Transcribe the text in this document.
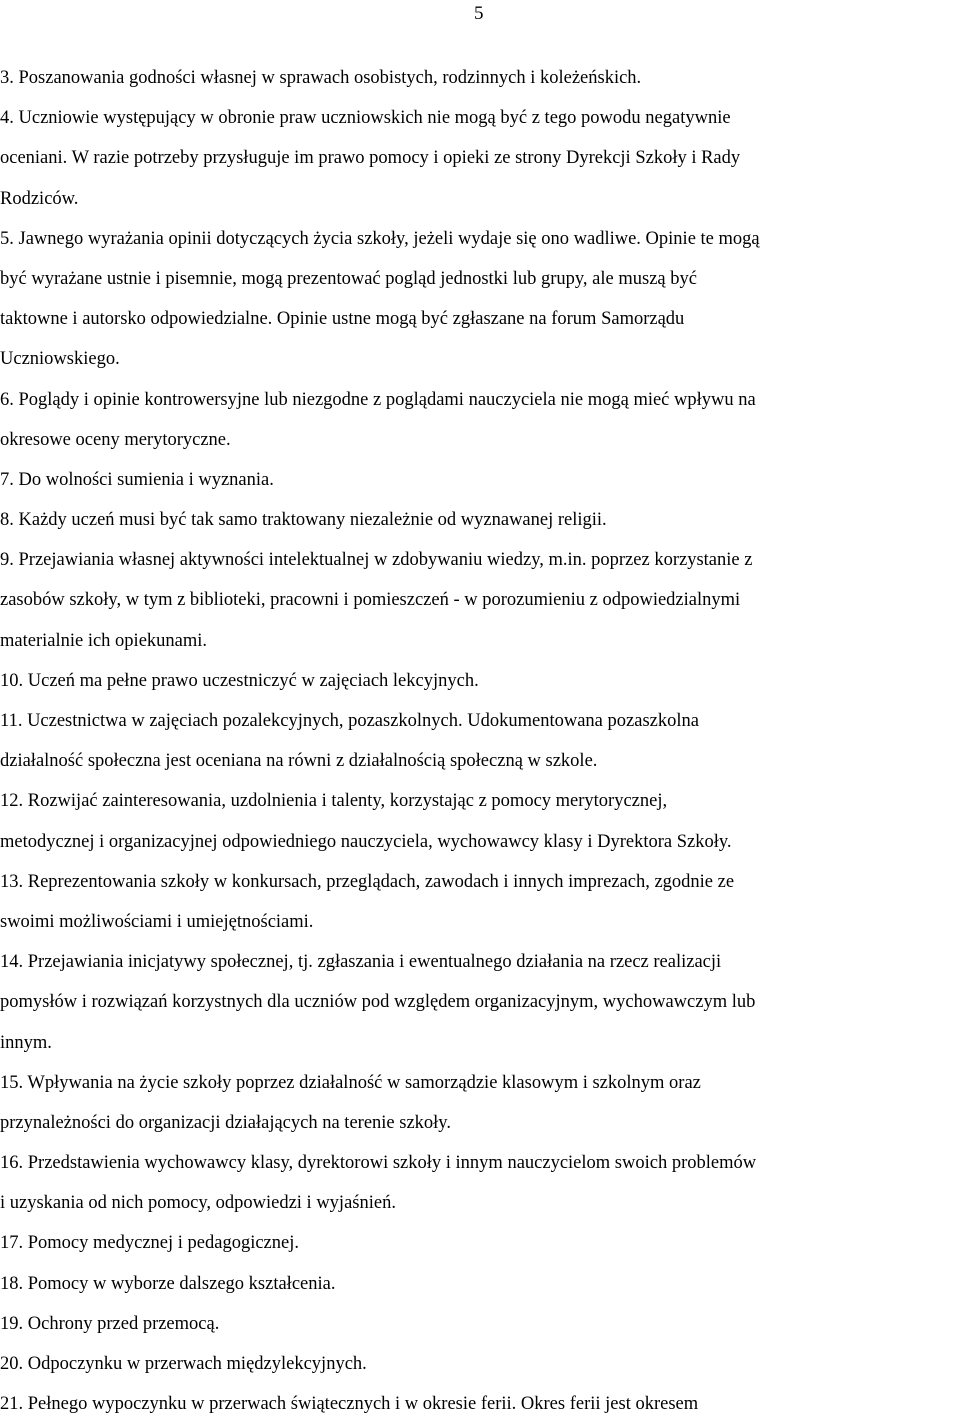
5
3. Poszanowania godności własnej w sprawach osobistych, rodzinnych i koleżeńskich.
4. Uczniowie występujący w obronie praw uczniowskich nie mogą być z tego powodu negatywnie
oceniani. W razie potrzeby przysługuje im prawo pomocy i opieki ze strony Dyrekcji Szkoły i Rady
Rodziców.
5. Jawnego wyrażania opinii dotyczących życia szkoły, jeżeli wydaje się ono wadliwe. Opinie te mogą
być wyrażane ustnie i pisemnie, mogą prezentować pogląd jednostki lub grupy, ale muszą być
taktowne i autorsko odpowiedzialne. Opinie ustne mogą być zgłaszane na forum Samorządu
Uczniowskiego.
6. Poglądy i opinie kontrowersyjne lub niezgodne z poglądami nauczyciela nie mogą mieć wpływu na
okresowe oceny merytoryczne.
7. Do wolności sumienia i wyznania.
8. Każdy uczeń musi być tak samo traktowany niezależnie od wyznawanej religii.
9. Przejawiania własnej aktywności intelektualnej w zdobywaniu wiedzy, m.in. poprzez korzystanie z
zasobów szkoły, w tym z biblioteki, pracowni i pomieszczeń - w porozumieniu z odpowiedzialnymi
materialnie ich opiekunami.
10. Uczeń ma pełne prawo uczestniczyć w zajęciach lekcyjnych.
11. Uczestnictwa w zajęciach pozalekcyjnych, pozaszkolnych. Udokumentowana pozaszkolna
działalność społeczna jest oceniana na równi z działalnością społeczną w szkole.
12. Rozwijać zainteresowania, uzdolnienia i talenty, korzystając z pomocy merytorycznej,
metodycznej i organizacyjnej odpowiedniego nauczyciela, wychowawcy klasy i Dyrektora Szkoły.
13. Reprezentowania szkoły w konkursach, przeglądach, zawodach i innych imprezach, zgodnie ze
swoimi możliwościami i umiejętnościami.
14. Przejawiania inicjatywy społecznej, tj. zgłaszania i ewentualnego działania na rzecz realizacji
pomysłów i rozwiązań korzystnych dla uczniów pod względem organizacyjnym, wychowawczym lub
innym.
15. Wpływania na życie szkoły poprzez działalność w samorządzie klasowym i szkolnym oraz
przynależności do organizacji działających na terenie szkoły.
16. Przedstawienia wychowawcy klasy, dyrektorowi szkoły i innym nauczycielom swoich problemów
i uzyskania od nich pomocy, odpowiedzi i wyjaśnień.
17. Pomocy medycznej i pedagogicznej.
18. Pomocy w wyborze dalszego kształcenia.
19. Ochrony przed przemocą.
20. Odpoczynku w przerwach międzylekcyjnych.
21. Pełnego wypoczynku w przerwach świątecznych i w okresie ferii. Okres ferii jest okresem
